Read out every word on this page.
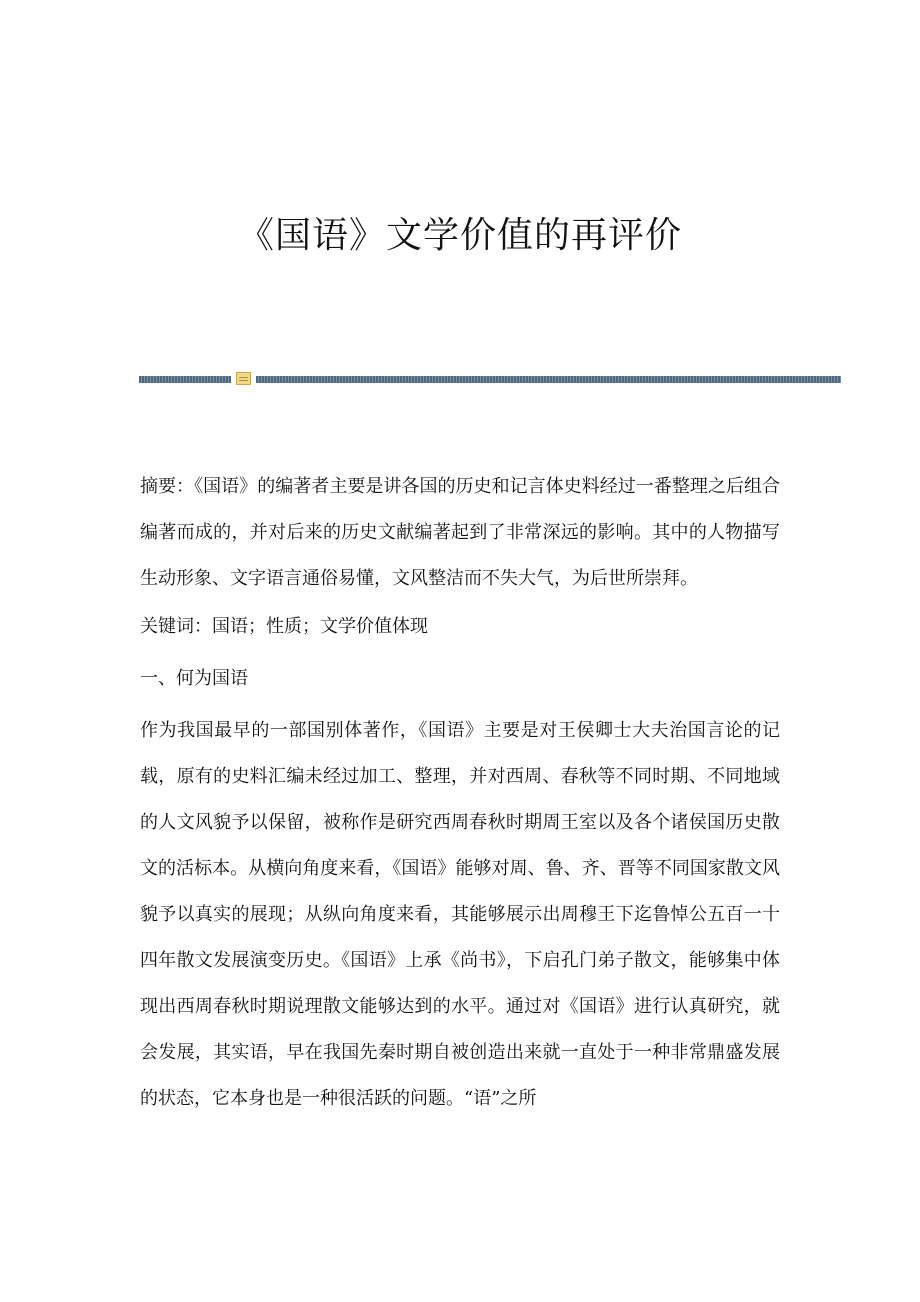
《国语》文学价值的再评价

摘要：《国语》的编著者主要是讲各国的历史和记言体史料经过一番整理之后组合编著而成的，并对后来的历史文献编著起到了非常深远的影响。其中的人物描写生动形象、文字语言通俗易懂，文风整洁而不失大气，为后世所崇拜。

关键词：国语；性质；文学价值体现

一、何为国语

作为我国最早的一部国别体著作，《国语》主要是对王侯卿士大夫治国言论的记载，原有的史料汇编未经过加工、整理，并对西周、春秋等不同时期、不同地域的人文风貌予以保留，被称作是研究西周春秋时期周王室以及各个诸侯国历史散文的活标本。从横向角度来看，《国语》能够对周、鲁、齐、晋等不同国家散文风貌予以真实的展现；从纵向角度来看，其能够展示出周穆王下迄鲁悼公五百一十四年散文发展演变历史。《国语》上承《尚书》，下启孔门弟子散文，能够集中体现出西周春秋时期说理散文能够达到的水平。通过对《国语》进行认真研究，就会发展，其实语，早在我国先秦时期自被创造出来就一直处于一种非常鼎盛发展的状态，它本身也是一种很活跃的问题。“语”之所
